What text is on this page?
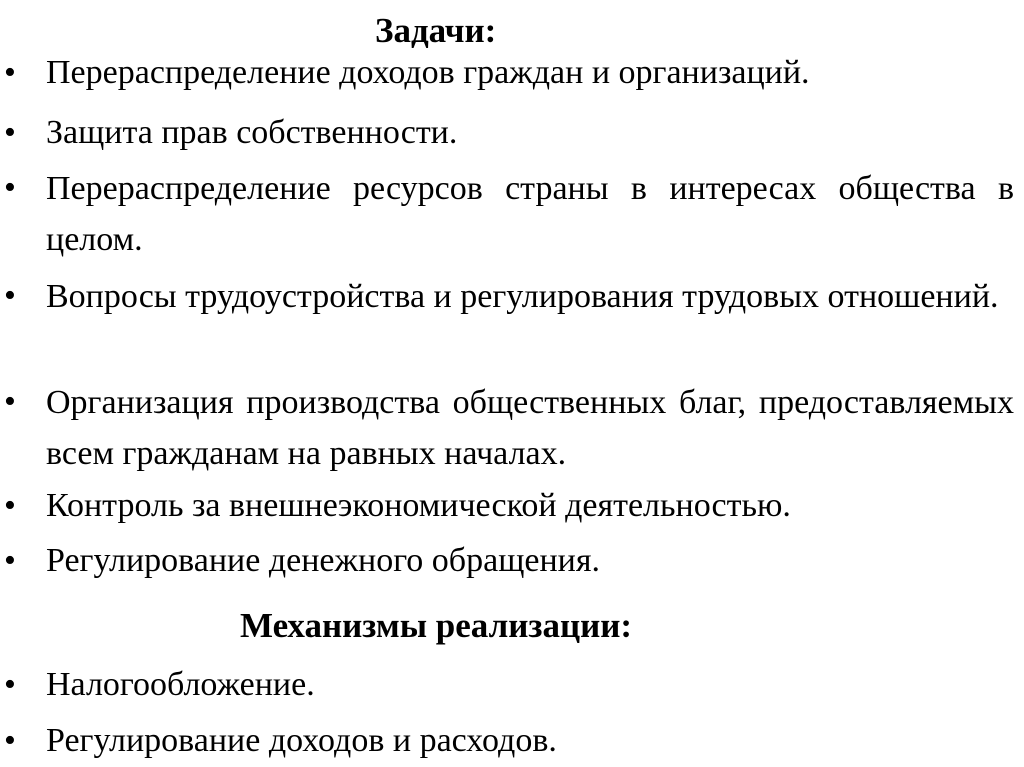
Задачи:
• Перераспределение доходов граждан и организаций.
• Защита прав собственности.
• Перераспределение ресурсов страны в интересах общества в целом.
• Вопросы трудоустройства и регулирования трудовых отношений.
• Организация производства общественных благ, предоставляемых всем гражданам на равных началах.
• Контроль за внешнеэкономической деятельностью.
• Регулирование денежного обращения.
Механизмы реализации:
• Налогообложение.
• Регулирование доходов и расходов.
